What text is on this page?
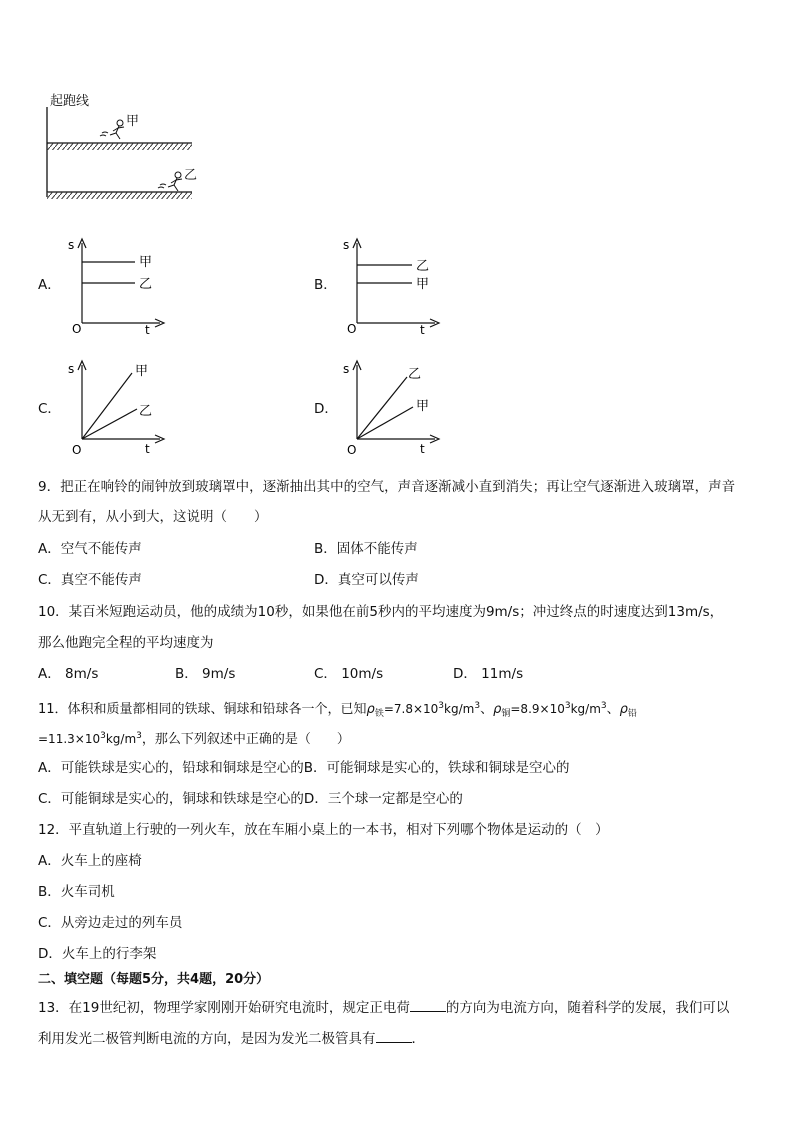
起跑线
甲
乙
A．
s
t
O
甲
乙	B．
s
t
O
乙
甲
C．
s
t
O
甲
乙	D．
s
t
O
乙
甲
9．把正在响铃的闹钟放到玻璃罩中，逐渐抽出其中的空气，声音逐渐减小直到消失；再让空气逐渐进入玻璃罩，声音
从无到有，从小到大，这说明（　　）
A．空气不能传声	B．固体不能传声
C．真空不能传声	D．真空可以传声
10．某百米短跑运动员，他的成绩为10秒，如果他在前5秒内的平均速度为9m/s；冲过终点的时速度达到13m/s，
那么他跑完全程的平均速度为
A． 8m/s	B． 9m/s	C． 10m/s	D． 11m/s
11．体积和质量都相同的铁球、铜球和铅球各一个，已知$\rho_铁=7.8\times 10^3kg/m^3$、$\rho_铜=8.9\times 10^3kg/m^3$、$\rho_铅$
$=11.3\times 10^3kg/m^3$，那么下列叙述中正确的是（　　）
A．可能铁球是实心的，铅球和铜球是空心的B．可能铜球是实心的，铁球和铜球是空心的
C．可能铜球是实心的，铜球和铁球是空心的D．三个球一定都是空心的
12．平直轨道上行驶的一列火车，放在车厢小桌上的一本书，相对下列哪个物体是运动的（　）
A．火车上的座椅
B．火车司机
C．从旁边走过的列车员
D．火车上的行李架
二、填空题（每题5分，共4题，20分）
13．在19世纪初，物理学家刚刚开始研究电流时，规定正电荷	的方向为电流方向，随着科学的发展，我们可以
利用发光二极管判断电流的方向，是因为发光二极管具有	．
